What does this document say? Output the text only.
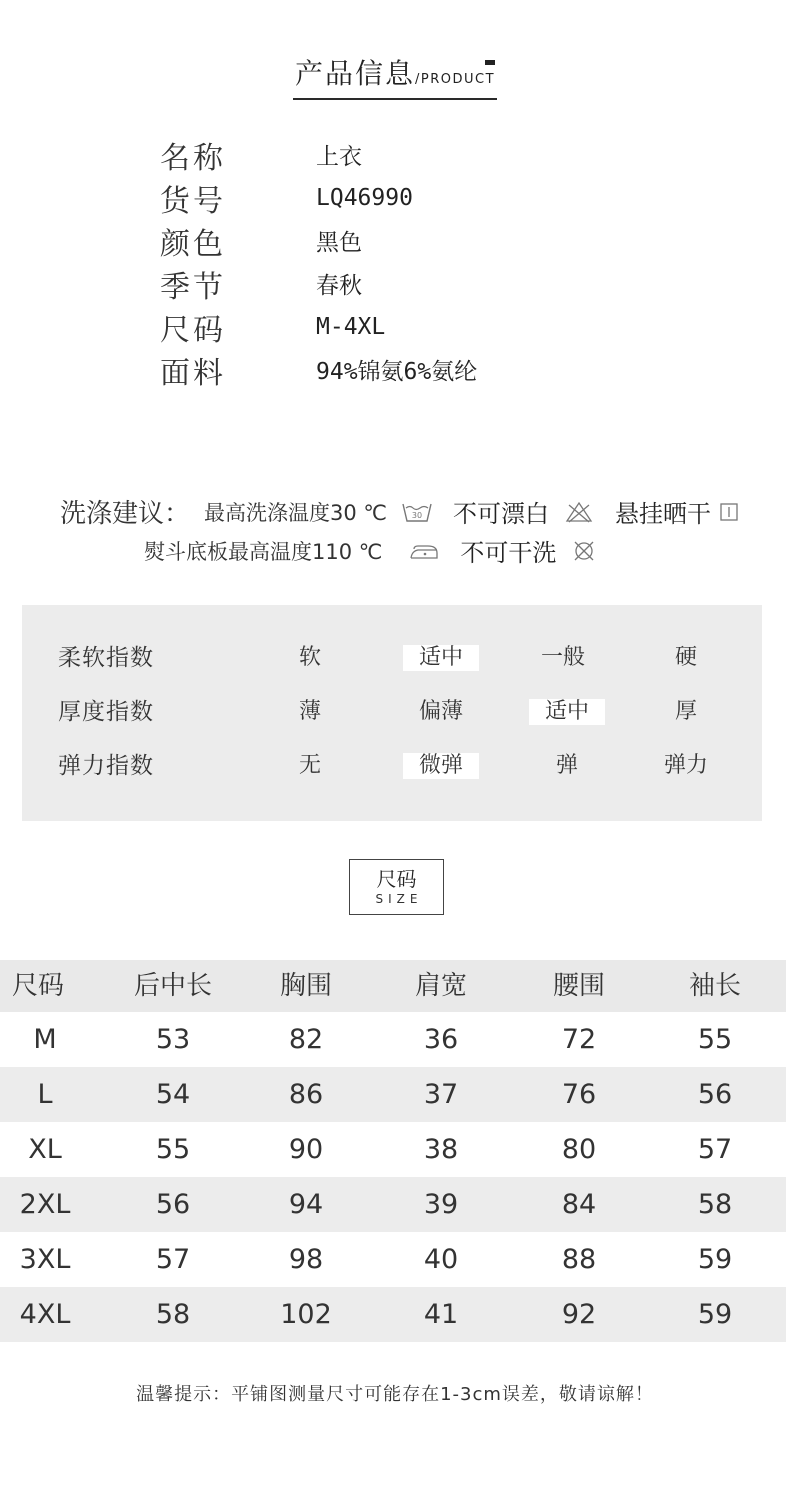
产品信息/PRODUCT
名称	上衣
货号	LQ46990
颜色	黑色
季节	春秋
尺码	M-4XL
面料	94%锦氨6%氨纶
洗涤建议： 最高洗涤温度30 ℃	30 不可漂白	悬挂晒干
熨斗底板最高温度110 ℃	不可干洗
柔软指数	软	适中	一般	硬
厚度指数	薄	偏薄	适中	厚
弹力指数	无	微弹	弹	弹力
尺码
SIZE
尺码	后中长	胸围	肩宽	腰围	袖长
M	53	82	36	72	55
L	54	86	37	76	56
XL	55	90	38	80	57
2XL	56	94	39	84	58
3XL	57	98	40	88	59
4XL	58	102	41	92	59
温馨提示：平铺图测量尺寸可能存在1-3cm误差，敬请谅解！
